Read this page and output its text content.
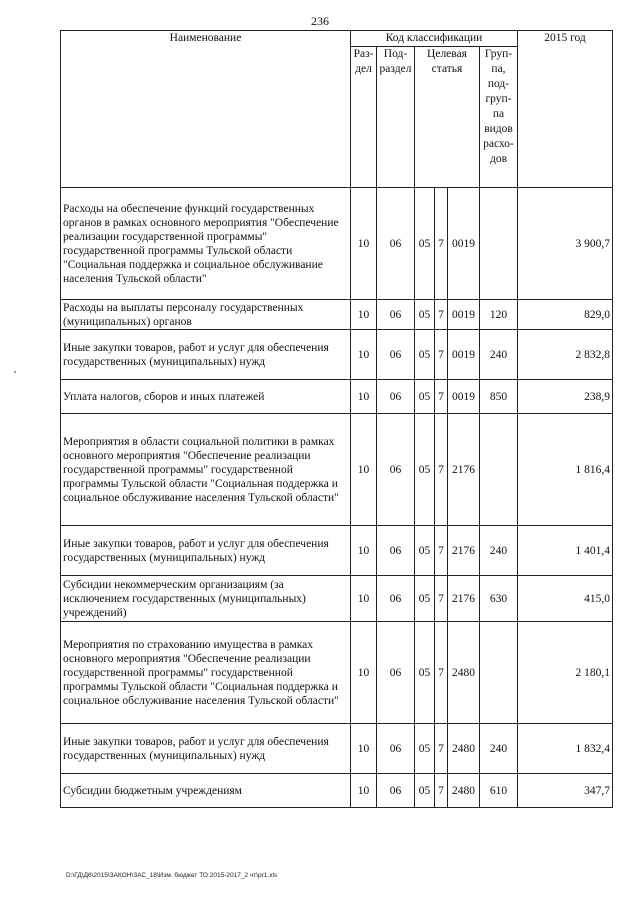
236
Наименование	Код классификации						2015 год
	Раз- дел	Под- раздел	Целевая статья			Груп- па, под- груп- па видов расхо- дов	
Расходы на обеспечение функций государственных органов в рамках основного мероприятия "Обеспечение реализации государственной программы" государственной программы Тульской области "Социальная поддержка и социальное обслуживание населения Тульской области"	10	06	05	7	0019		3 900,7
Расходы на выплаты персоналу государственных (муниципальных) органов	10	06	05	7	0019	120	829,0
Иные закупки товаров, работ и услуг для обеспечения государственных (муниципальных) нужд	10	06	05	7	0019	240	2 832,8
Уплата налогов, сборов и иных платежей	10	06	05	7	0019	850	238,9
Мероприятия в области социальной политики в рамках основного мероприятия "Обеспечение реализации государственной программы" государственной программы Тульской области "Социальная поддержка и социальное обслуживание населения Тульской области"	10	06	05	7	2176		1 816,4
Иные закупки товаров, работ и услуг для обеспечения государственных (муниципальных) нужд	10	06	05	7	2176	240	1 401,4
Субсидии некоммерческим организациям (за исключением государственных (муниципальных) учреждений)	10	06	05	7	2176	630	415,0
Мероприятия по страхованию имущества в рамках основного мероприятия "Обеспечение реализации государственной программы" государственной программы Тульской области "Социальная поддержка и социальное обслуживание населения Тульской области"	10	06	05	7	2480		2 180,1
Иные закупки товаров, работ и услуг для обеспечения государственных (муниципальных) нужд	10	06	05	7	2480	240	1 832,4
Субсидии бюджетным учреждениям	10	06	05	7	2480	610	347,7
D:\ГД\Д6\2015\ЗАКОН\ЗАС_18\Изм. бюджет ТО 2015-2017_2 чт\pr1.xls
